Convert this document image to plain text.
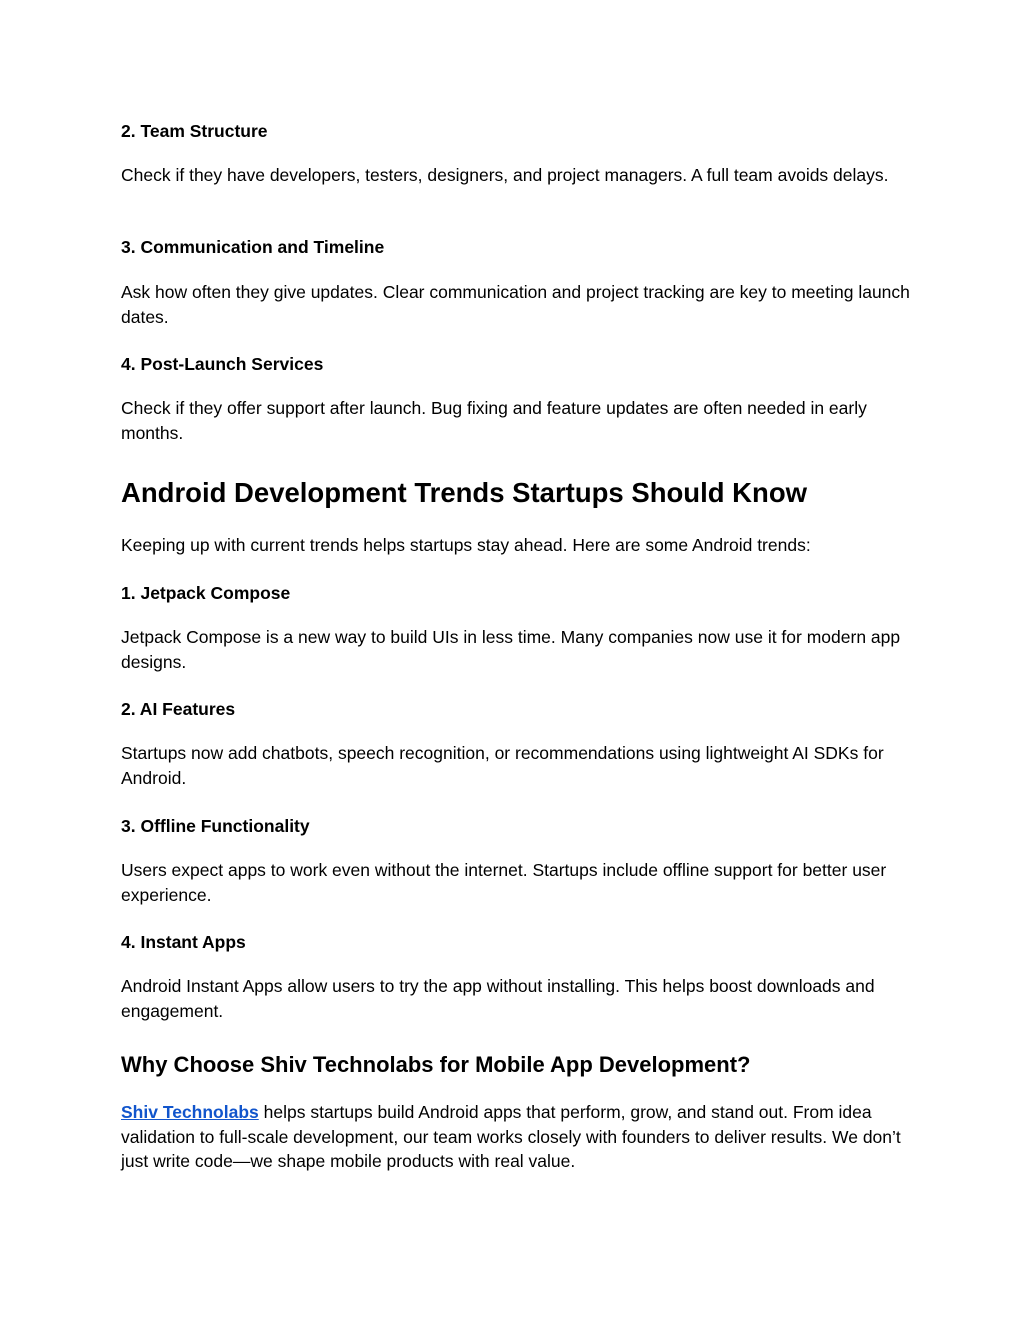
2. Team Structure

Check if they have developers, testers, designers, and project managers. A full team avoids delays.

3. Communication and Timeline

Ask how often they give updates. Clear communication and project tracking are key to meeting launch dates.

4. Post-Launch Services

Check if they offer support after launch. Bug fixing and feature updates are often needed in early months.

Android Development Trends Startups Should Know

Keeping up with current trends helps startups stay ahead. Here are some Android trends:

1. Jetpack Compose

Jetpack Compose is a new way to build UIs in less time. Many companies now use it for modern app designs.

2. AI Features

Startups now add chatbots, speech recognition, or recommendations using lightweight AI SDKs for Android.

3. Offline Functionality

Users expect apps to work even without the internet. Startups include offline support for better user experience.

4. Instant Apps

Android Instant Apps allow users to try the app without installing. This helps boost downloads and engagement.

Why Choose Shiv Technolabs for Mobile App Development?

Shiv Technolabs helps startups build Android apps that perform, grow, and stand out. From idea validation to full-scale development, our team works closely with founders to deliver results. We don’t just write code—we shape mobile products with real value.
